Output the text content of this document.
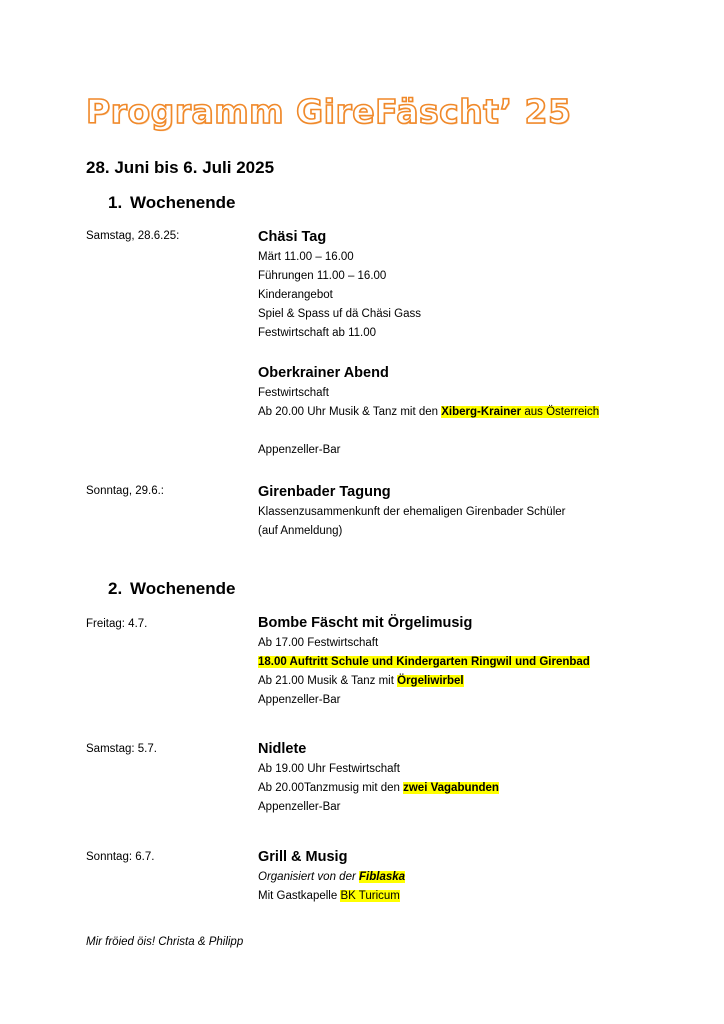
Programm GireFäscht’ 25
28. Juni bis 6. Juli 2025
1. Wochenende
Samstag, 28.6.25:	Chäsi Tag
Märt 11.00 – 16.00
Führungen 11.00 – 16.00
Kinderangebot
Spiel & Spass uf dä Chäsi Gass
Festwirtschaft ab 11.00
Oberkrainer Abend
Festwirtschaft
Ab 20.00 Uhr Musik & Tanz mit den Xiberg-Krainer aus Österreich
Appenzeller-Bar
Sonntag, 29.6.:	Girenbader Tagung
Klassenzusammenkunft der ehemaligen Girenbader Schüler
(auf Anmeldung)
2. Wochenende
Freitag: 4.7.	Bombe Fäscht mit Örgelimusig
Ab 17.00 Festwirtschaft
18.00 Auftritt Schule und Kindergarten Ringwil und Girenbad
Ab 21.00 Musik & Tanz mit Örgeliwirbel
Appenzeller-Bar
Samstag: 5.7.	Nidlete
Ab 19.00 Uhr Festwirtschaft
Ab 20.00Tanzmusig mit den zwei Vagabunden
Appenzeller-Bar
Sonntag: 6.7.	Grill & Musig
Organisiert von der Fiblaska
Mit Gastkapelle BK Turicum
Mir fröied öis! Christa & Philipp
